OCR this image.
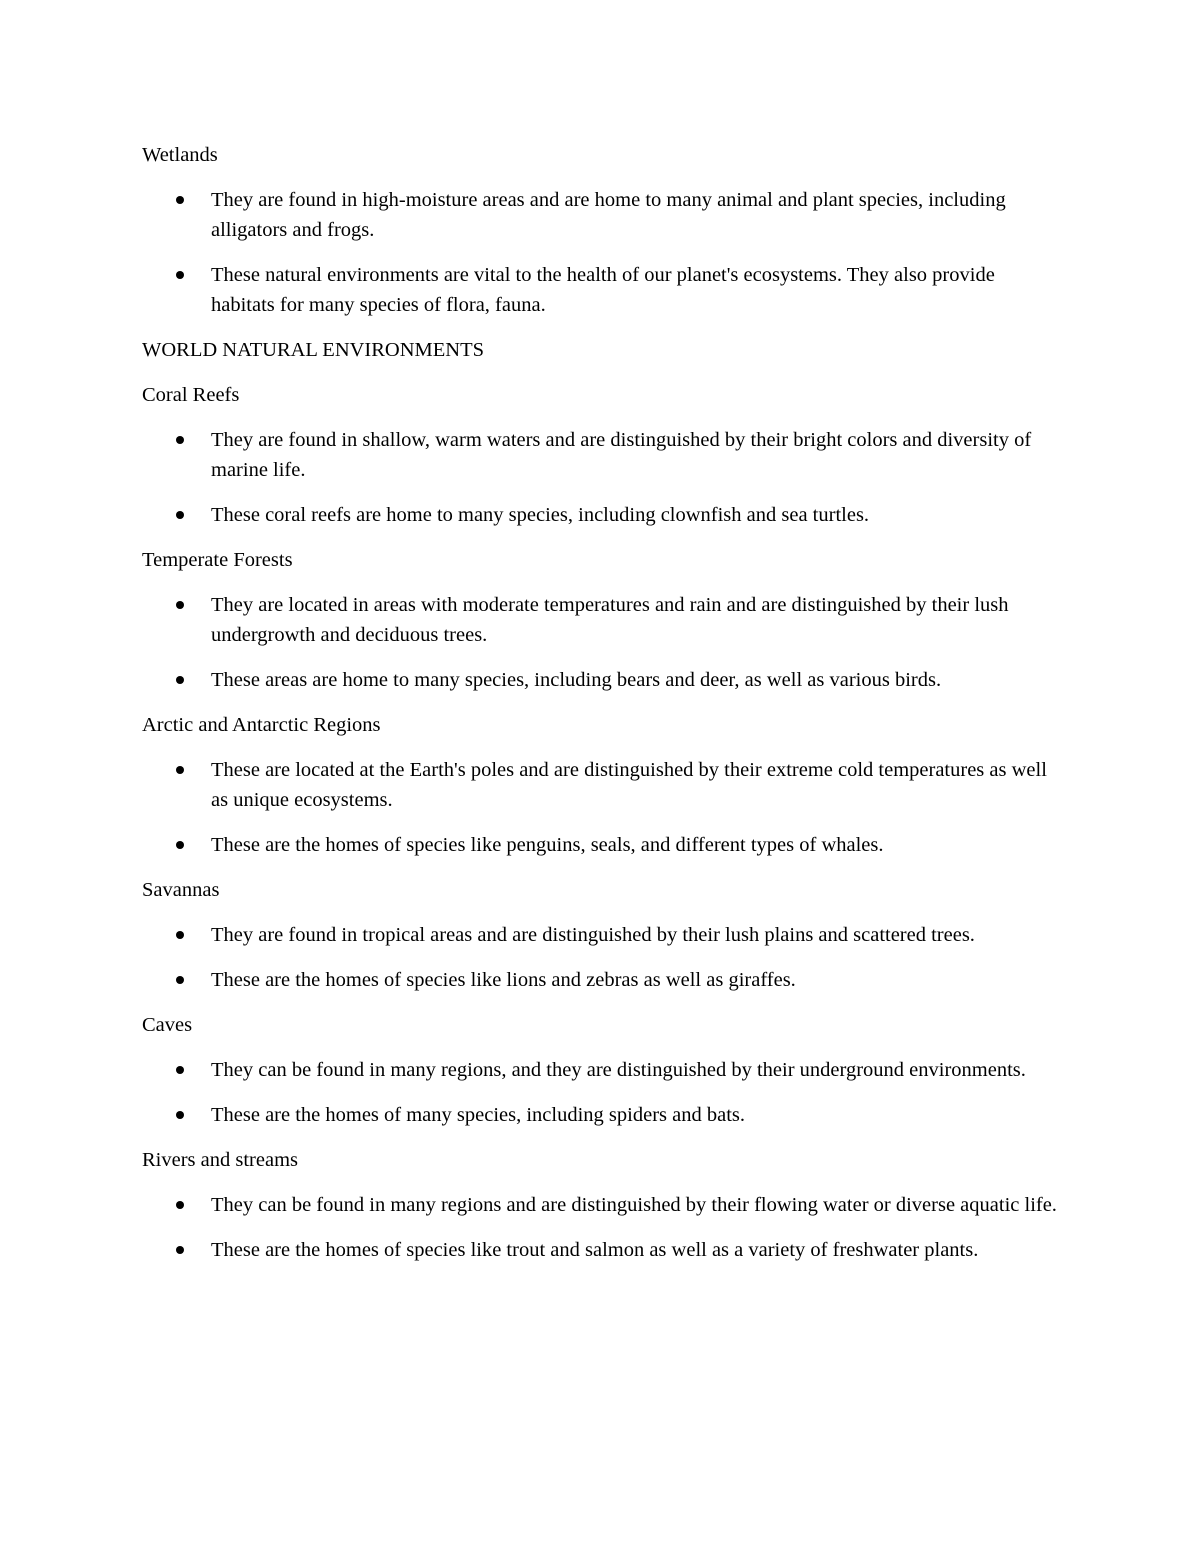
Wetlands

They are found in high-moisture areas and are home to many animal and plant species, including alligators and frogs.
These natural environments are vital to the health of our planet's ecosystems. They also provide habitats for many species of flora, fauna.

WORLD NATURAL ENVIRONMENTS

Coral Reefs

They are found in shallow, warm waters and are distinguished by their bright colors and diversity of marine life.
These coral reefs are home to many species, including clownfish and sea turtles.

Temperate Forests

They are located in areas with moderate temperatures and rain and are distinguished by their lush undergrowth and deciduous trees.
These areas are home to many species, including bears and deer, as well as various birds.

Arctic and Antarctic Regions

These are located at the Earth's poles and are distinguished by their extreme cold temperatures as well as unique ecosystems.
These are the homes of species like penguins, seals, and different types of whales.

Savannas

They are found in tropical areas and are distinguished by their lush plains and scattered trees.
These are the homes of species like lions and zebras as well as giraffes.

Caves

They can be found in many regions, and they are distinguished by their underground environments.
These are the homes of many species, including spiders and bats.

Rivers and streams

They can be found in many regions and are distinguished by their flowing water or diverse aquatic life.
These are the homes of species like trout and salmon as well as a variety of freshwater plants.
